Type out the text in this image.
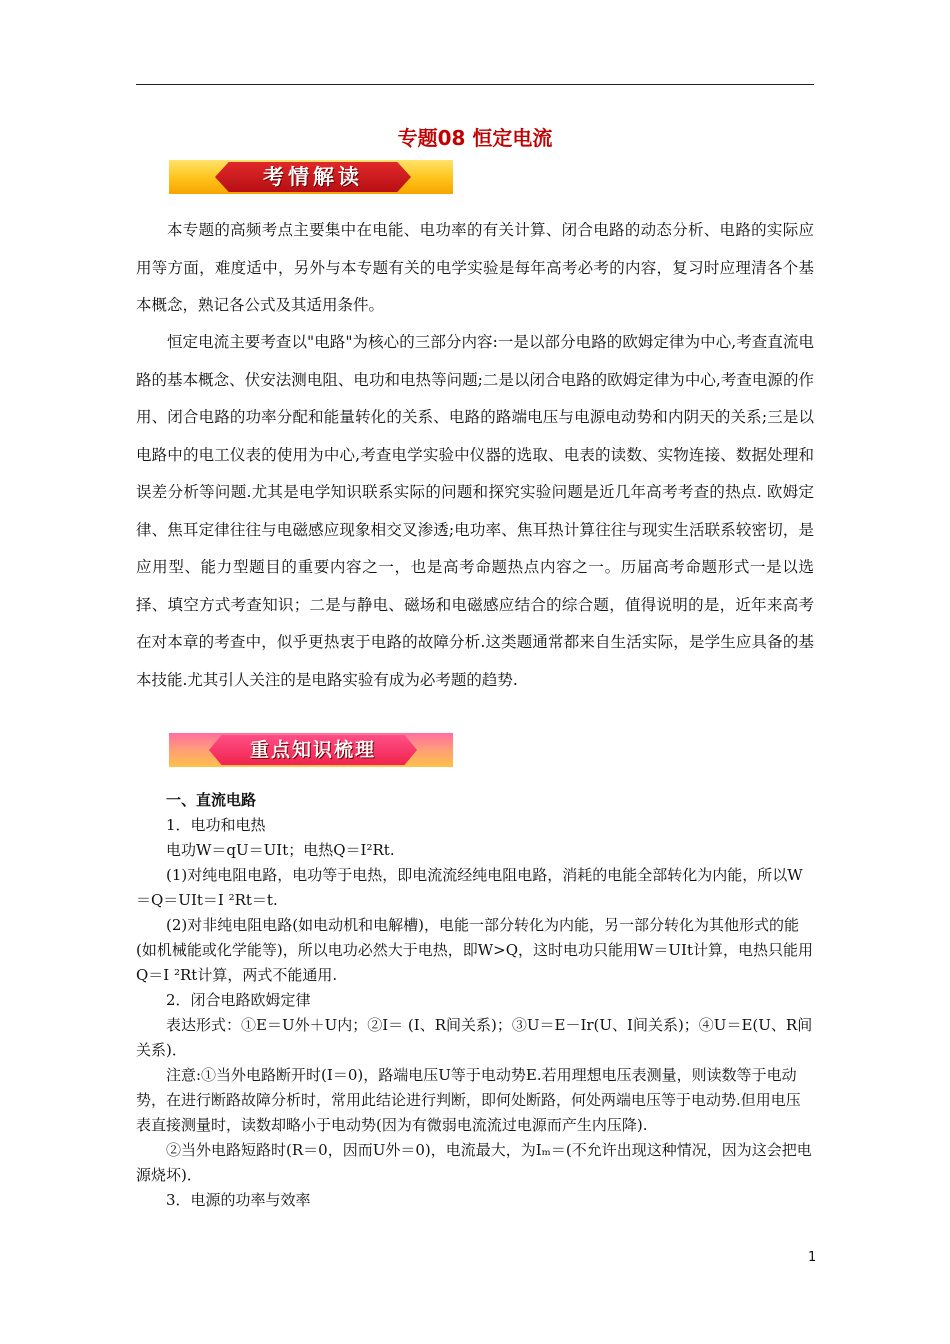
专题08 恒定电流
考情解读

本专题的高频考点主要集中在电能、电功率的有关计算、闭合电路的动态分析、电路的实际应用等方面，难度适中，另外与本专题有关的电学实验是每年高考必考的内容，复习时应理清各个基本概念，熟记各公式及其适用条件。

恒定电流主要考查以"电路"为核心的三部分内容:一是以部分电路的欧姆定律为中心,考查直流电路的基本概念、伏安法测电阻、电功和电热等问题;二是以闭合电路的欧姆定律为中心,考查电源的作用、闭合电路的功率分配和能量转化的关系、电路的路端电压与电源电动势和内阴天的关系;三是以电路中的电工仪表的使用为中心,考查电学实验中仪器的选取、电表的读数、实物连接、数据处理和误差分析等问题.尤其是电学知识联系实际的问题和探究实验问题是近几年高考考查的热点. 欧姆定律、焦耳定律往往与电磁感应现象相交叉渗透;电功率、焦耳热计算往往与现实生活联系较密切，是应用型、能力型题目的重要内容之一，也是高考命题热点内容之一。历届高考命题形式一是以选择、填空方式考查知识；二是与静电、磁场和电磁感应结合的综合题，值得说明的是，近年来高考在对本章的考查中，似乎更热衷于电路的故障分析.这类题通常都来自生活实际，是学生应具备的基本技能.尤其引人关注的是电路实验有成为必考题的趋势.

重点知识梳理

一、直流电路

1．电功和电热

电功W＝qU＝UIt；电热Q＝I²Rt.

(1)对纯电阻电路，电功等于电热，即电流流经纯电阻电路，消耗的电能全部转化为内能，所以W＝Q＝UIt＝I ²Rt＝t.

(2)对非纯电阻电路(如电动机和电解槽)，电能一部分转化为内能，另一部分转化为其他形式的能(如机械能或化学能等)，所以电功必然大于电热，即W>Q，这时电功只能用W＝UIt计算，电热只能用Q＝I ²Rt计算，两式不能通用.

2．闭合电路欧姆定律

表达形式：①E＝U外＋U内；②I＝ (I、R间关系)；③U＝E－Ir(U、I间关系)；④U＝E(U、R间关系)．

注意:①当外电路断开时(I＝0)，路端电压U等于电动势E.若用理想电压表测量，则读数等于电动势，在进行断路故障分析时，常用此结论进行判断，即何处断路，何处两端电压等于电动势.但用电压表直接测量时，读数却略小于电动势(因为有微弱电流流过电源而产生内压降).

②当外电路短路时(R＝0，因而U外＝0)，电流最大，为Iₘ＝(不允许出现这种情况，因为这会把电源烧坏)．

3．电源的功率与效率

1
